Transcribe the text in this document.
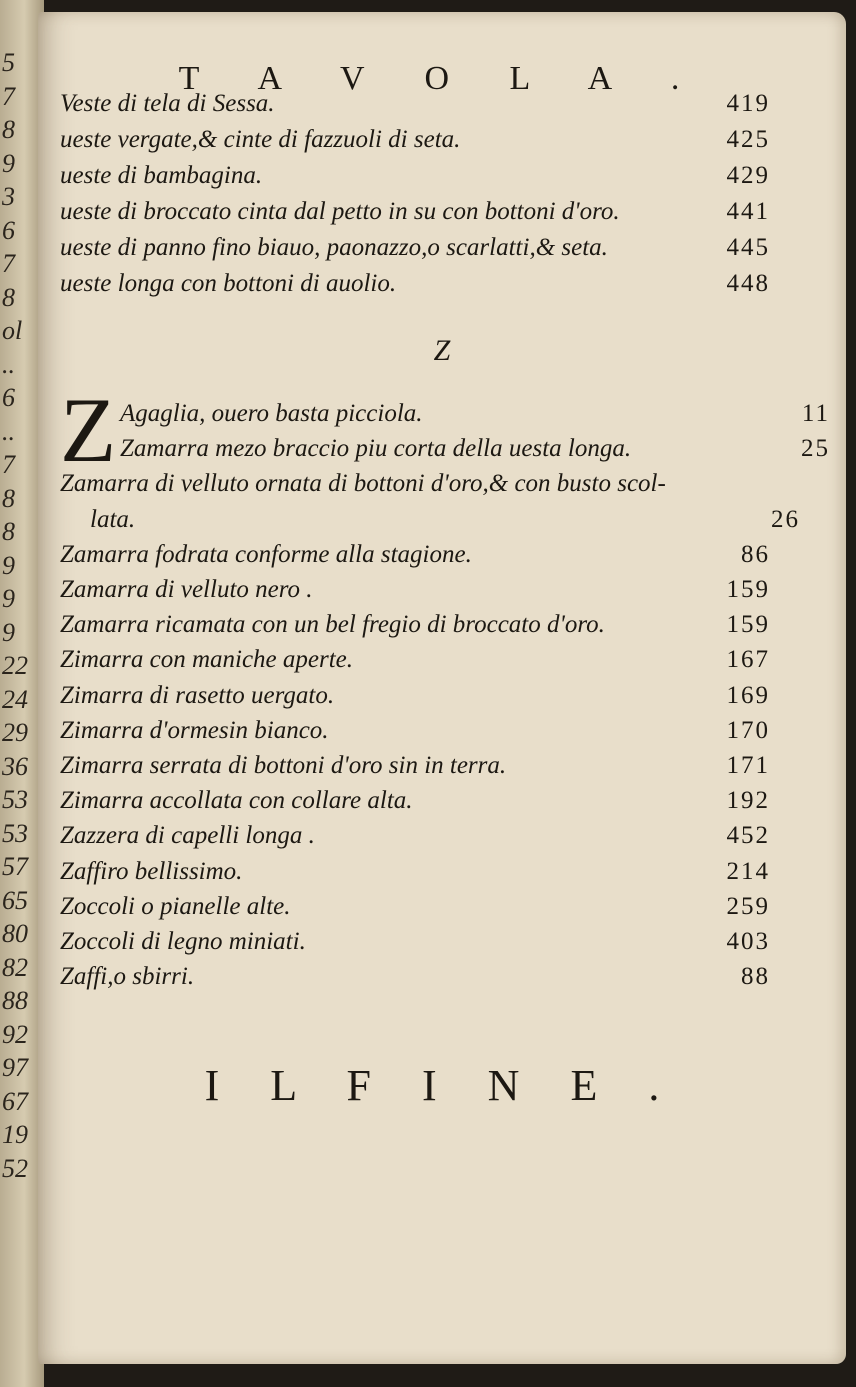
5
7
8
9
3
6
7
8
ol
..
6
..
7
8
8
9
9
9
22
24
29
36
53
53
57
65
80
82
88
92
97
67
19
52
T A V O L A .
Veste di tela di Sessa.	419
ueste vergate,& cinte di fazzuoli di seta.	425
ueste di bambagina.	429
ueste di broccato cinta dal petto in su con bottoni d'oro.	441
ueste di panno fino biauo, paonazzo,o scarlatti,& seta.	445
ueste longa con bottoni di auolio.	448
Z
Z Agaglia, ouero basta picciola.	11
Zamarra mezo braccio piu corta della uesta longa.	25
Zamarra di velluto ornata di bottoni d'oro,& con busto scol-
lata.	26
Zamarra fodrata conforme alla stagione.	86
Zamarra di velluto nero .	159
Zamarra ricamata con un bel fregio di broccato d'oro.	159
Zimarra con maniche aperte.	167
Zimarra di rasetto uergato.	169
Zimarra d'ormesin bianco.	170
Zimarra serrata di bottoni d'oro sin in terra.	171
Zimarra accollata con collare alta.	192
Zazzera di capelli longa .	452
Zaffiro bellissimo.	214
Zoccoli o pianelle alte.	259
Zoccoli di legno miniati.	403
Zaffi,o sbirri.	88
I L F I N E .
